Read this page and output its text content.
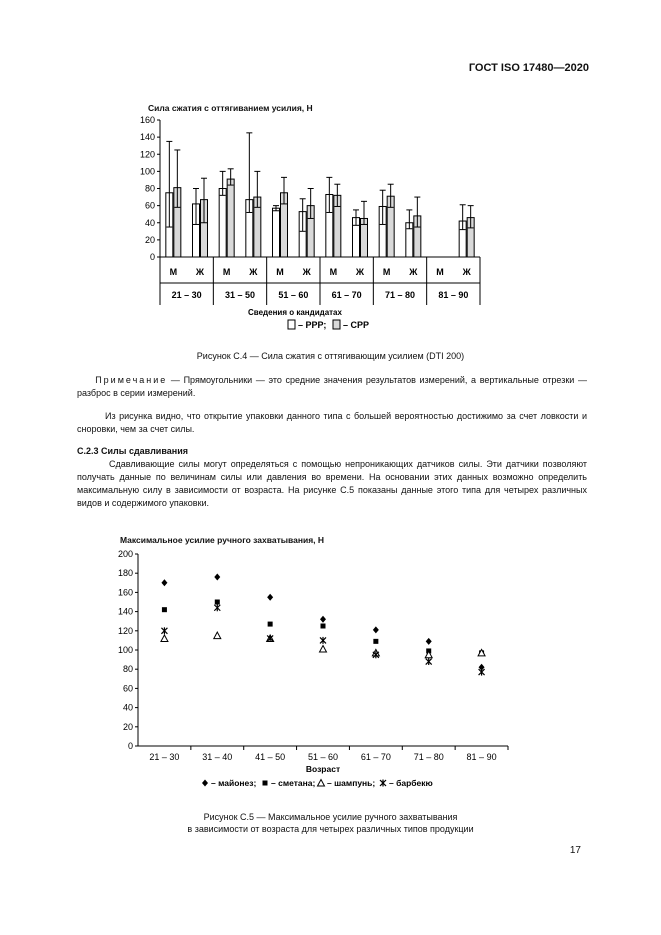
ГОСТ ISO 17480—2020
Сила сжатия с оттягиванием усилия, Н
0
20
40
60
80
100
120
140
160
М Ж М Ж М Ж М Ж М Ж М Ж
21 – 30	31 – 50	51 – 60	61 – 70	71 – 80	81 – 90
Сведения о кандидатах
– РРР; – СРР
Рисунок С.4 — Сила сжатия с оттягивающим усилием (DTI 200)
Примечание — Прямоугольники — это средние значения результатов измерений, а вертикальные отрезки — разброс в серии измерений.
Из рисунка видно, что открытие упаковки данного типа с большей вероятностью достижимо за счет ловкости и сноровки, чем за счет силы.
С.2.3 Силы сдавливания
Сдавливающие силы могут определяться с помощью непроникающих датчиков силы. Эти датчики позволяют получать данные по величинам силы или давления во времени. На основании этих данных возможно определить максимальную силу в зависимости от возраста. На рисунке С.5 показаны данные этого типа для четырех различных видов и содержимого упаковки.
Максимальное усилие ручного захватывания, Н
0
20
40
60
80
100
120
140
160
180
200
21 – 30	31 – 40	41 – 50	51 – 60	61 – 70	71 – 80	81 – 90
Возраст
– майонез; – сметана; – шампунь; – барбекю
Рисунок С.5 — Максимальное усилие ручного захватывания
в зависимости от возраста для четырех различных типов продукции
17
